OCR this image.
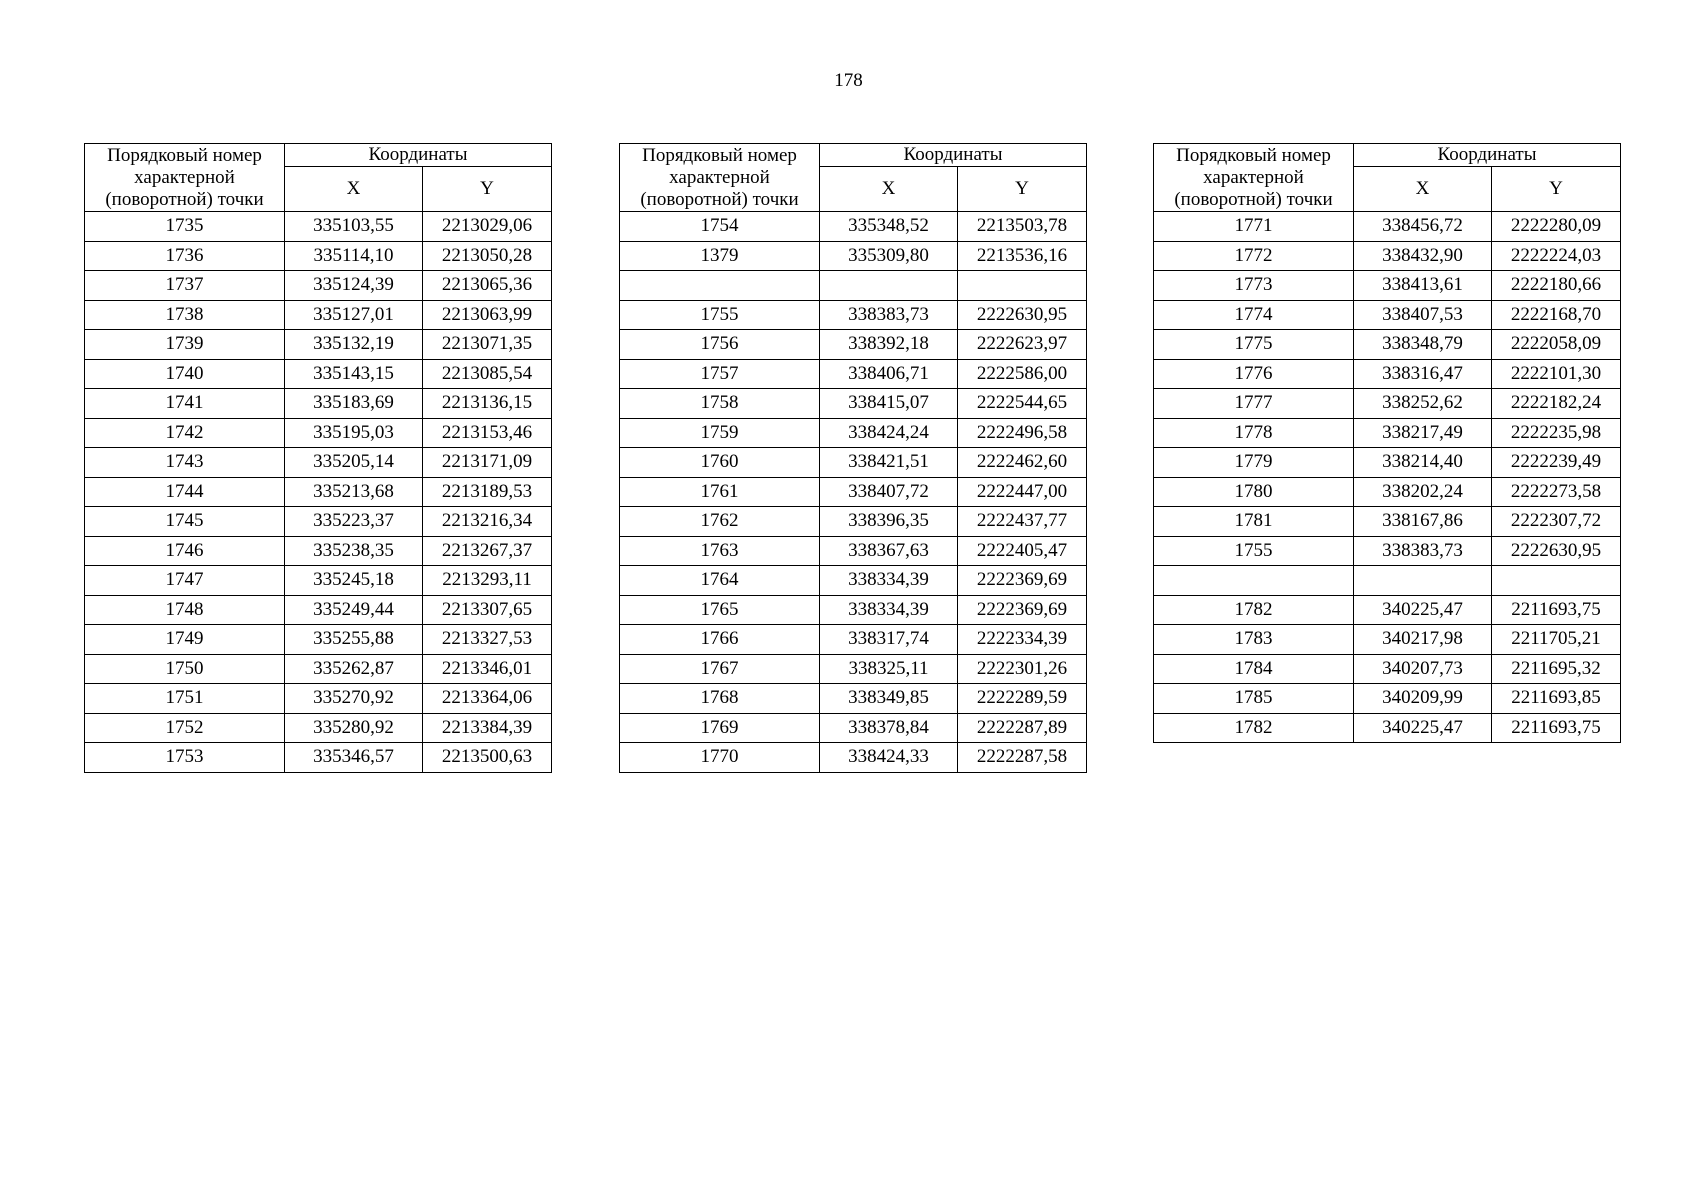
178
Порядковый номер характерной (поворотной) точки	Координаты	
	X	Y
1735	335103,55	2213029,06
1736	335114,10	2213050,28
1737	335124,39	2213065,36
1738	335127,01	2213063,99
1739	335132,19	2213071,35
1740	335143,15	2213085,54
1741	335183,69	2213136,15
1742	335195,03	2213153,46
1743	335205,14	2213171,09
1744	335213,68	2213189,53
1745	335223,37	2213216,34
1746	335238,35	2213267,37
1747	335245,18	2213293,11
1748	335249,44	2213307,65
1749	335255,88	2213327,53
1750	335262,87	2213346,01
1751	335270,92	2213364,06
1752	335280,92	2213384,39
1753	335346,57	2213500,63
Порядковый номер характерной (поворотной) точки	Координаты	
	X	Y
1754	335348,52	2213503,78
1379	335309,80	2213536,16

1755	338383,73	2222630,95
1756	338392,18	2222623,97
1757	338406,71	2222586,00
1758	338415,07	2222544,65
1759	338424,24	2222496,58
1760	338421,51	2222462,60
1761	338407,72	2222447,00
1762	338396,35	2222437,77
1763	338367,63	2222405,47
1764	338334,39	2222369,69
1765	338334,39	2222369,69
1766	338317,74	2222334,39
1767	338325,11	2222301,26
1768	338349,85	2222289,59
1769	338378,84	2222287,89
1770	338424,33	2222287,58
Порядковый номер характерной (поворотной) точки	Координаты	
	X	Y
1771	338456,72	2222280,09
1772	338432,90	2222224,03
1773	338413,61	2222180,66
1774	338407,53	2222168,70
1775	338348,79	2222058,09
1776	338316,47	2222101,30
1777	338252,62	2222182,24
1778	338217,49	2222235,98
1779	338214,40	2222239,49
1780	338202,24	2222273,58
1781	338167,86	2222307,72
1755	338383,73	2222630,95

1782	340225,47	2211693,75
1783	340217,98	2211705,21
1784	340207,73	2211695,32
1785	340209,99	2211693,85
1782	340225,47	2211693,75
